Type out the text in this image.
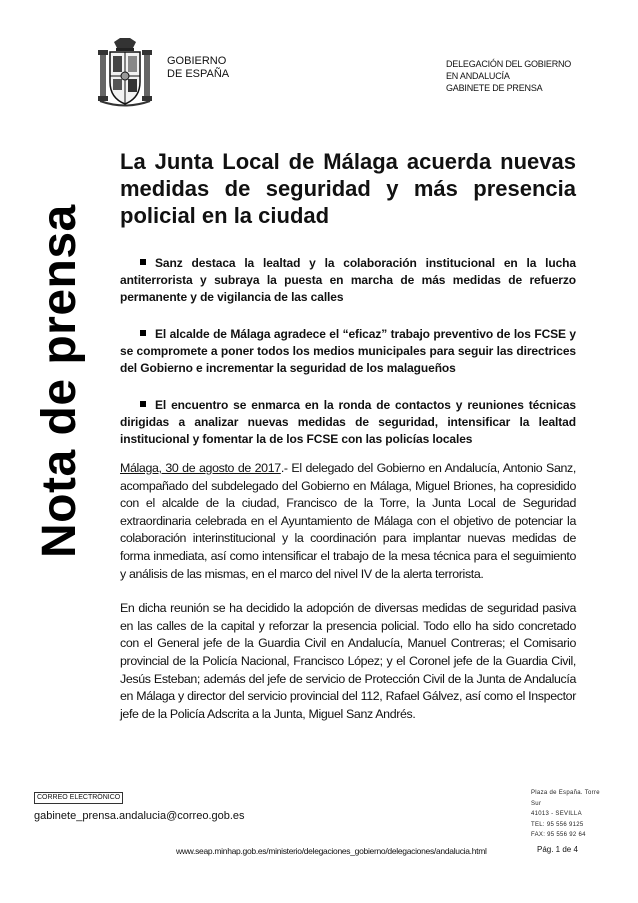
GOBIERNO
DE ESPAÑA
DELEGACIÓN DEL GOBIERNO
EN ANDALUCÍA
GABINETE DE PRENSA
Nota de prensa
La Junta Local de Málaga acuerda nuevas medidas de seguridad y más presencia policial en la ciudad

Sanz destaca la lealtad y la colaboración institucional en la lucha antiterrorista y subraya la puesta en marcha de más medidas de refuerzo permanente y de vigilancia de las calles

El alcalde de Málaga agradece el “eficaz” trabajo preventivo de los FCSE y se compromete a poner todos los medios municipales para seguir las directrices del Gobierno e incrementar la seguridad de los malagueños

El encuentro se enmarca en la ronda de contactos y reuniones técnicas dirigidas a analizar nuevas medidas de seguridad, intensificar la lealtad institucional y fomentar la de los FCSE con las policías locales

Málaga, 30 de agosto de 2017.- El delegado del Gobierno en Andalucía, Antonio Sanz, acompañado del subdelegado del Gobierno en Málaga, Miguel Briones, ha copresidido con el alcalde de la ciudad, Francisco de la Torre, la Junta Local de Seguridad extraordinaria celebrada en el Ayuntamiento de Málaga con el objetivo de potenciar la colaboración interinstitucional y la coordinación para implantar nuevas medidas de forma inmediata, así como intensificar el trabajo de la mesa técnica para el seguimiento y análisis de las mismas, en el marco del nivel IV de la alerta terrorista.

En dicha reunión se ha decidido la adopción de diversas medidas de seguridad pasiva en las calles de la capital y reforzar la presencia policial. Todo ello ha sido concretado con el General jefe de la Guardia Civil en Andalucía, Manuel Contreras; el Comisario provincial de la Policía Nacional, Francisco López; y el Coronel jefe de la Guardia Civil, Jesús Esteban; además del jefe de servicio de Protección Civil de la Junta de Andalucía en Málaga y director del servicio provincial del 112, Rafael Gálvez, así como el Inspector jefe de la Policía Adscrita a la Junta, Miguel Sanz Andrés.

CORREO ELECTRÓNICO
gabinete_prensa.andalucia@correo.gob.es
Plaza de España. Torre
Sur
41013 - SEVILLA
TEL: 95 556 9125
FAX: 95 556 92 64
www.seap.minhap.gob.es/ministerio/delegaciones_gobierno/delegaciones/andalucia.html	Pág. 1 de 4
